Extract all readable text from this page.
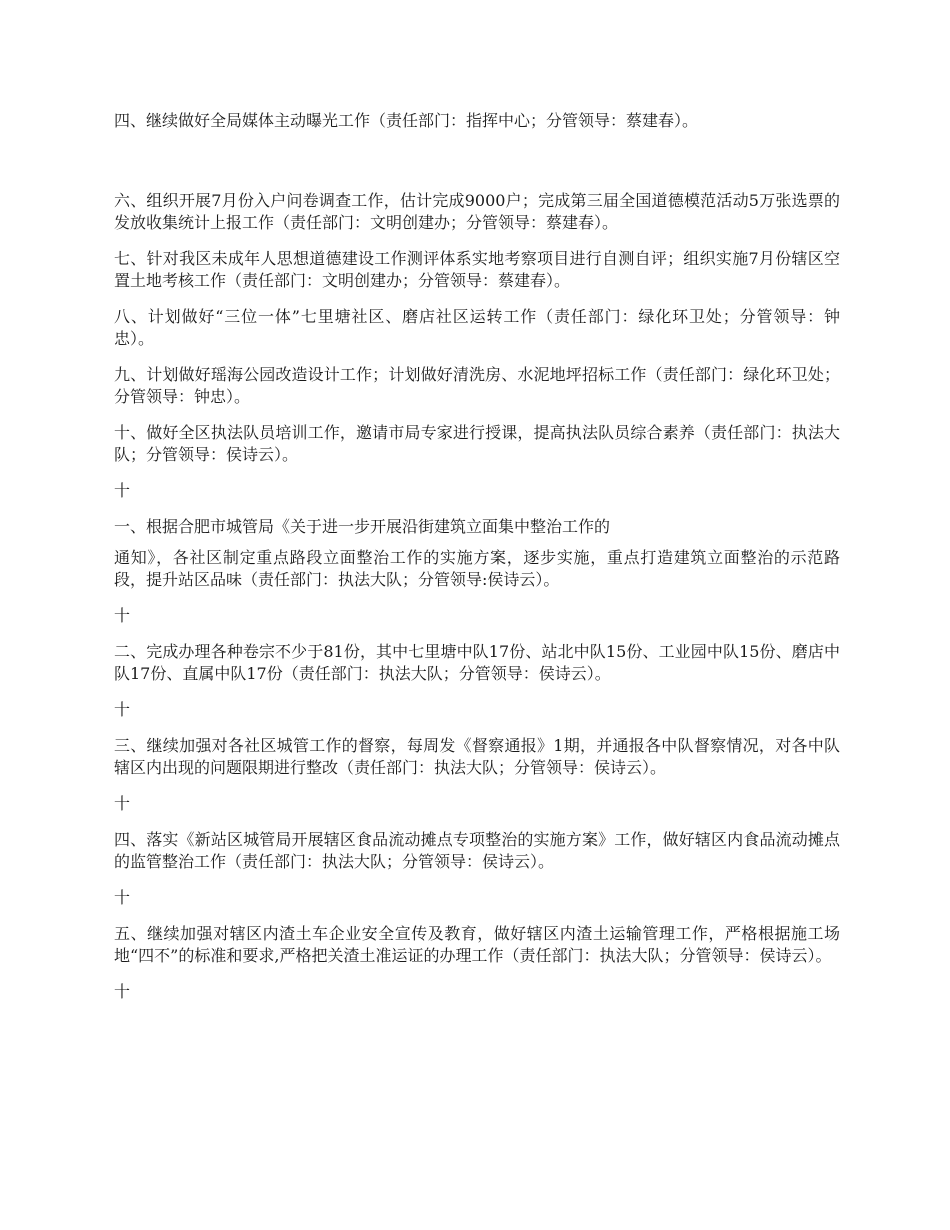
四、继续做好全局媒体主动曝光工作（责任部门：指挥中心；分管领导：蔡建春）。

六、组织开展7月份入户问卷调查工作，估计完成9000户；完成第三届全国道德模范活动5万张选票的发放收集统计上报工作（责任部门：文明创建办；分管领导：蔡建春）。

七、针对我区未成年人思想道德建设工作测评体系实地考察项目进行自测自评；组织实施7月份辖区空置土地考核工作（责任部门：文明创建办；分管领导：蔡建春）。

八、计划做好“三位一体”七里塘社区、磨店社区运转工作（责任部门：绿化环卫处；分管领导：钟忠）。

九、计划做好瑶海公园改造设计工作；计划做好清洗房、水泥地坪招标工作（责任部门：绿化环卫处；分管领导：钟忠）。

十、做好全区执法队员培训工作，邀请市局专家进行授课，提高执法队员综合素养（责任部门：执法大队；分管领导：侯诗云）。

十

一、根据合肥市城管局《关于进一步开展沿街建筑立面集中整治工作的

通知》，各社区制定重点路段立面整治工作的实施方案，逐步实施，重点打造建筑立面整治的示范路段，提升站区品味（责任部门：执法大队；分管领导:侯诗云）。

十

二、完成办理各种卷宗不少于81份，其中七里塘中队17份、站北中队15份、工业园中队15份、磨店中队17份、直属中队17份（责任部门：执法大队；分管领导：侯诗云）。

十

三、继续加强对各社区城管工作的督察，每周发《督察通报》1期，并通报各中队督察情况，对各中队辖区内出现的问题限期进行整改（责任部门：执法大队；分管领导：侯诗云）。

十

四、落实《新站区城管局开展辖区食品流动摊点专项整治的实施方案》工作，做好辖区内食品流动摊点的监管整治工作（责任部门：执法大队；分管领导：侯诗云）。

十

五、继续加强对辖区内渣土车企业安全宣传及教育，做好辖区内渣土运输管理工作，严格根据施工场地“四不”的标准和要求,严格把关渣土准运证的办理工作（责任部门：执法大队；分管领导：侯诗云）。

十
